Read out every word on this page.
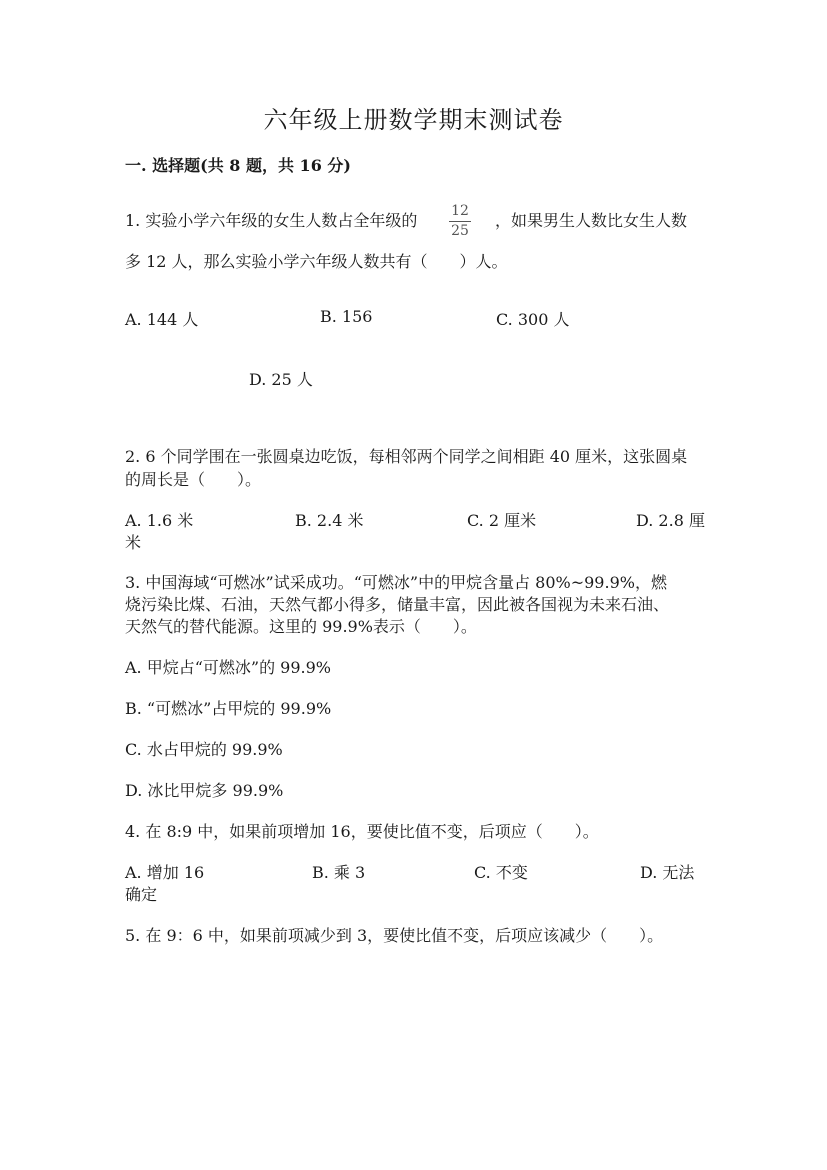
六年级上册数学期末测试卷
一. 选择题(共 8 题，共 16 分)
1. 实验小学六年级的女生人数占全年级的 12
25
，如果男生人数比女生人数
多 12 人，那么实验小学六年级人数共有（　　）人。
A. 144 人	B. 156	C. 300 人
D. 25 人
2. 6 个同学围在一张圆桌边吃饭，每相邻两个同学之间相距 40 厘米，这张圆桌
的周长是（　　）。
A. 1.6 米	B. 2.4 米	C. 2 厘米	D. 2.8 厘
米
3. 中国海域“可燃冰”试采成功。“可燃冰”中的甲烷含量占 80%~99.9%，燃
烧污染比煤、石油，天然气都小得多，储量丰富，因此被各国视为未来石油、
天然气的替代能源。这里的 99.9%表示（　　）。
A. 甲烷占“可燃冰”的 99.9%
B. “可燃冰”占甲烷的 99.9%
C. 水占甲烷的 99.9%
D. 冰比甲烷多 99.9%
4. 在 8:9 中，如果前项增加 16，要使比值不变，后项应（　　）。
A. 增加 16	B. 乘 3	C. 不变	D. 无法
确定
5. 在 9：6 中，如果前项减少到 3，要使比值不变，后项应该减少（　　）。
